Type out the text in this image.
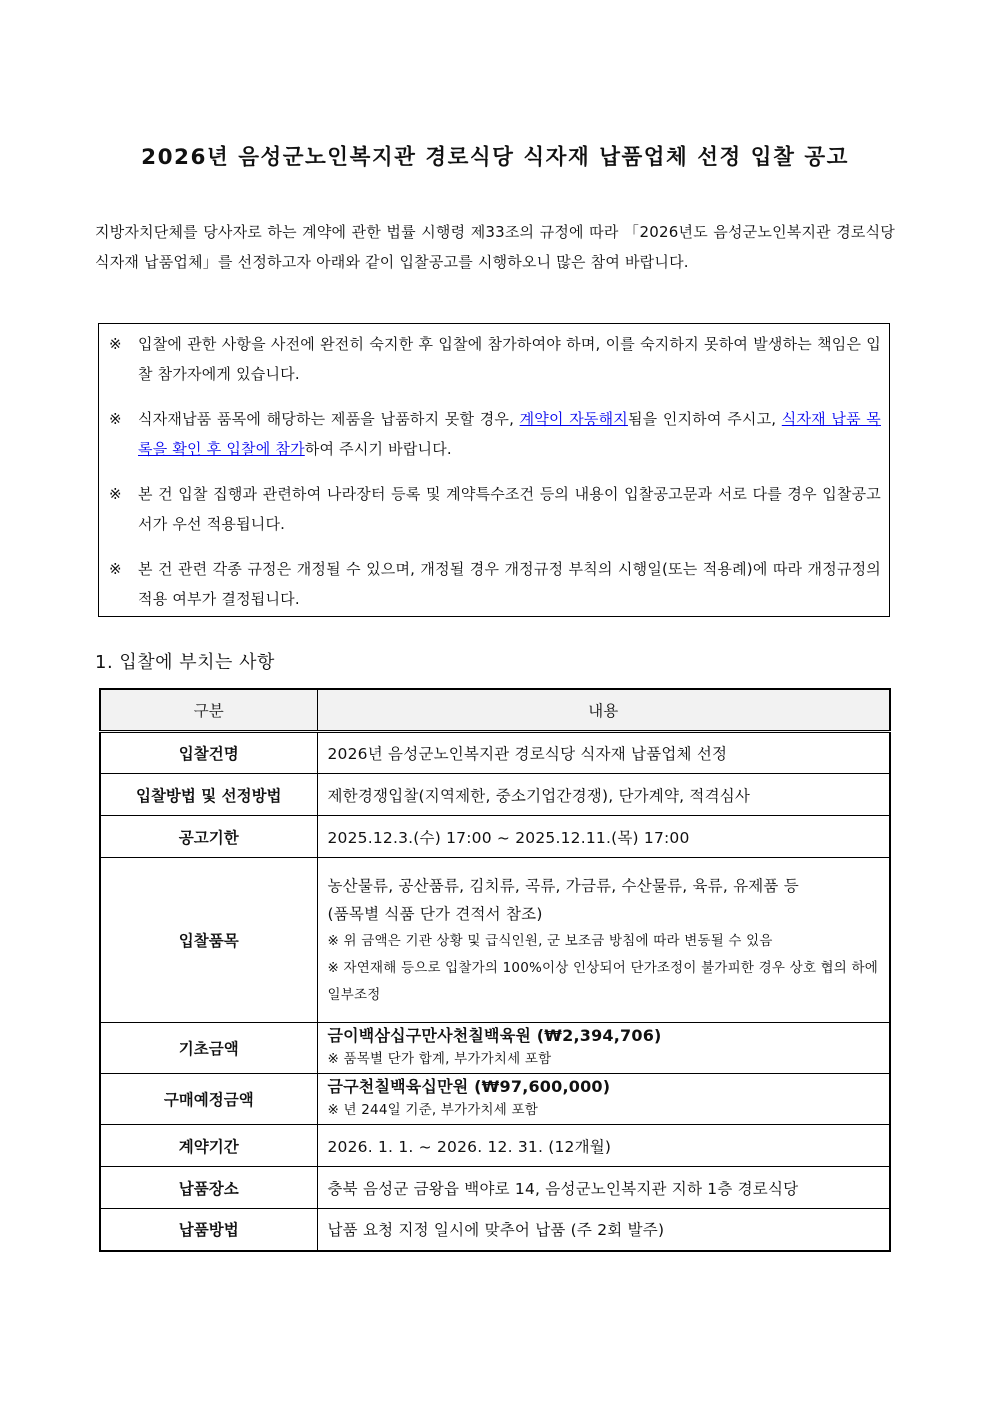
2026년 음성군노인복지관 경로식당 식자재 납품업체 선정 입찰 공고
지방자치단체를 당사자로 하는 계약에 관한 법률 시행령 제33조의 규정에 따라 「2026년도 음성군노인복지관 경로식당 식자재 납품업체」를 선정하고자 아래와 같이 입찰공고를 시행하오니 많은 참여 바랍니다.
※	입찰에 관한 사항을 사전에 완전히 숙지한 후 입찰에 참가하여야 하며, 이를 숙지하지 못하여 발생하는 책임은 입찰 참가자에게 있습니다.
※	식자재납품 품목에 해당하는 제품을 납품하지 못할 경우, 계약이 자동해지됨을 인지하여 주시고, 식자재 납품 목록을 확인 후 입찰에 참가하여 주시기 바랍니다.
※	본 건 입찰 집행과 관련하여 나라장터 등록 및 계약특수조건 등의 내용이 입찰공고문과 서로 다를 경우 입찰공고서가 우선 적용됩니다.
※	본 건 관련 각종 규정은 개정될 수 있으며, 개정될 경우 개정규정 부칙의 시행일(또는 적용례)에 따라 개정규정의 적용 여부가 결정됩니다.
1. 입찰에 부치는 사항
구분	내용
입찰건명	2026년 음성군노인복지관 경로식당 식자재 납품업체 선정
입찰방법 및 선정방법	제한경쟁입찰(지역제한, 중소기업간경쟁), 단가계약, 적격심사
공고기한	2025.12.3.(수) 17:00 ~ 2025.12.11.(목) 17:00
입찰품목	농산물류, 공산품류, 김치류, 곡류, 가금류, 수산물류, 육류, 유제품 등
(품목별 식품 단가 견적서 참조)
※ 위 금액은 기관 상황 및 급식인원, 군 보조금 방침에 따라 변동될 수 있음
※ 자연재해 등으로 입찰가의 100%이상 인상되어 단가조정이 불가피한 경우 상호 협의 하에 일부조정

기초금액	금이백삼십구만사천칠백육원 (₩2,394,706)
※ 품목별 단가 합계, 부가가치세 포함

구매예정금액	금구천칠백육십만원 (₩97,600,000)
※ 년 244일 기준, 부가가치세 포함

계약기간	2026. 1. 1. ~ 2026. 12. 31. (12개월)
납품장소	충북 음성군 금왕읍 백야로 14, 음성군노인복지관 지하 1층 경로식당
납품방법	납품 요청 지정 일시에 맞추어 납품 (주 2회 발주)
